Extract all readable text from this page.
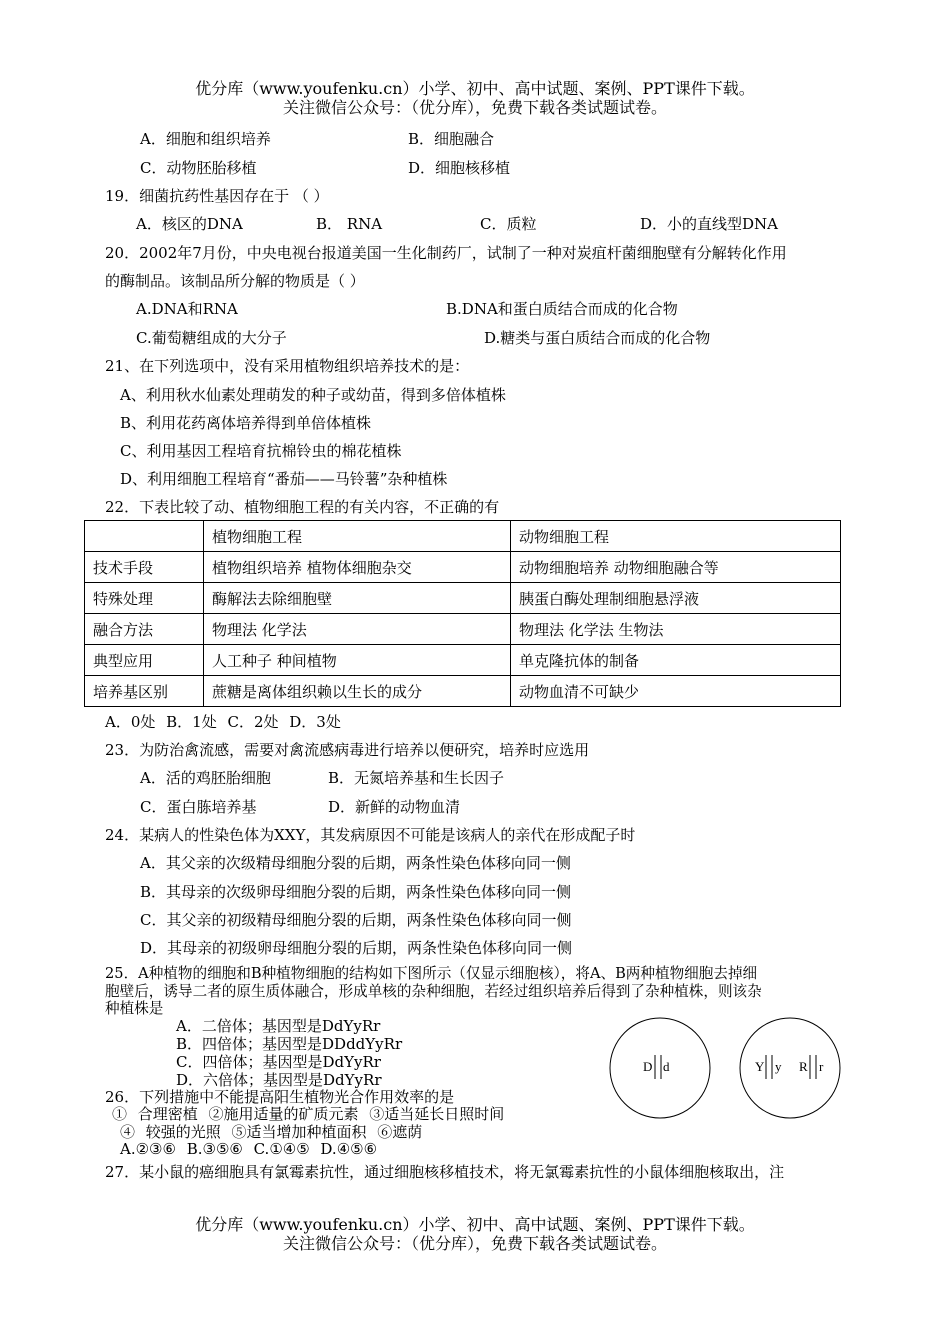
优分库（www.youfenku.cn）小学、初中、高中试题、案例、PPT课件下载。
关注微信公众号：（优分库），免费下载各类试题试卷。
A．细胞和组织培养	B．细胞融合
C．动物胚胎移植	D．细胞核移植
19．细菌抗药性基因存在于 （ ）
A．核区的DNA	B． RNA	C．质粒	D．小的直线型DNA
20．2002年7月份，中央电视台报道美国一生化制药厂，试制了一种对炭疽杆菌细胞壁有分解转化作用
的酶制品。该制品所分解的物质是（ ）
A.DNA和RNA	B.DNA和蛋白质结合而成的化合物
C.葡萄糖组成的大分子	D.糖类与蛋白质结合而成的化合物
21、在下列选项中，没有采用植物组织培养技术的是：
A、利用秋水仙素处理萌发的种子或幼苗，得到多倍体植株
B、利用花药离体培养得到单倍体植株
C、利用基因工程培育抗棉铃虫的棉花植株
D、利用细胞工程培育“番茄——马铃薯”杂种植株
22．下表比较了动、植物细胞工程的有关内容，不正确的有
	植物细胞工程	动物细胞工程
技术手段	植物组织培养 植物体细胞杂交	动物细胞培养 动物细胞融合等
特殊处理	酶解法去除细胞壁	胰蛋白酶处理制细胞悬浮液
融合方法	物理法 化学法	物理法 化学法 生物法
典型应用	人工种子 种间植物	单克隆抗体的制备
培养基区别	蔗糖是离体组织赖以生长的成分	动物血清不可缺少
A．0处 B．1处 C．2处 D．3处
23．为防治禽流感，需要对禽流感病毒进行培养以便研究，培养时应选用
A．活的鸡胚胎细胞	B．无氮培养基和生长因子
C．蛋白胨培养基	D．新鲜的动物血清
24．某病人的性染色体为XXY，其发病原因不可能是该病人的亲代在形成配子时
A．其父亲的次级精母细胞分裂的后期，两条性染色体移向同一侧
B．其母亲的次级卵母细胞分裂的后期，两条性染色体移向同一侧
C．其父亲的初级精母细胞分裂的后期，两条性染色体移向同一侧
D．其母亲的初级卵母细胞分裂的后期，两条性染色体移向同一侧
25．A种植物的细胞和B种植物细胞的结构如下图所示（仅显示细胞核），将A、B两种植物细胞去掉细
胞壁后，诱导二者的原生质体融合，形成单核的杂种细胞，若经过组织培养后得到了杂种植株，则该杂
种植株是
A．二倍体；基因型是DdYyRr
B．四倍体；基因型是DDddYyRr
C．四倍体；基因型是DdYyRr
D．六倍体；基因型是DdYyRr
D d	Y y R r
26．下列措施中不能提高阳生植物光合作用效率的是
① 合理密植 ②施用适量的矿质元素 ③适当延长日照时间
④ 较强的光照 ⑤适当增加种植面积 ⑥遮荫
A.②③⑥ B.③⑤⑥ C.①④⑤ D.④⑤⑥
27．某小鼠的癌细胞具有氯霉素抗性，通过细胞核移植技术，将无氯霉素抗性的小鼠体细胞核取出，注
优分库（www.youfenku.cn）小学、初中、高中试题、案例、PPT课件下载。
关注微信公众号：（优分库），免费下载各类试题试卷。
